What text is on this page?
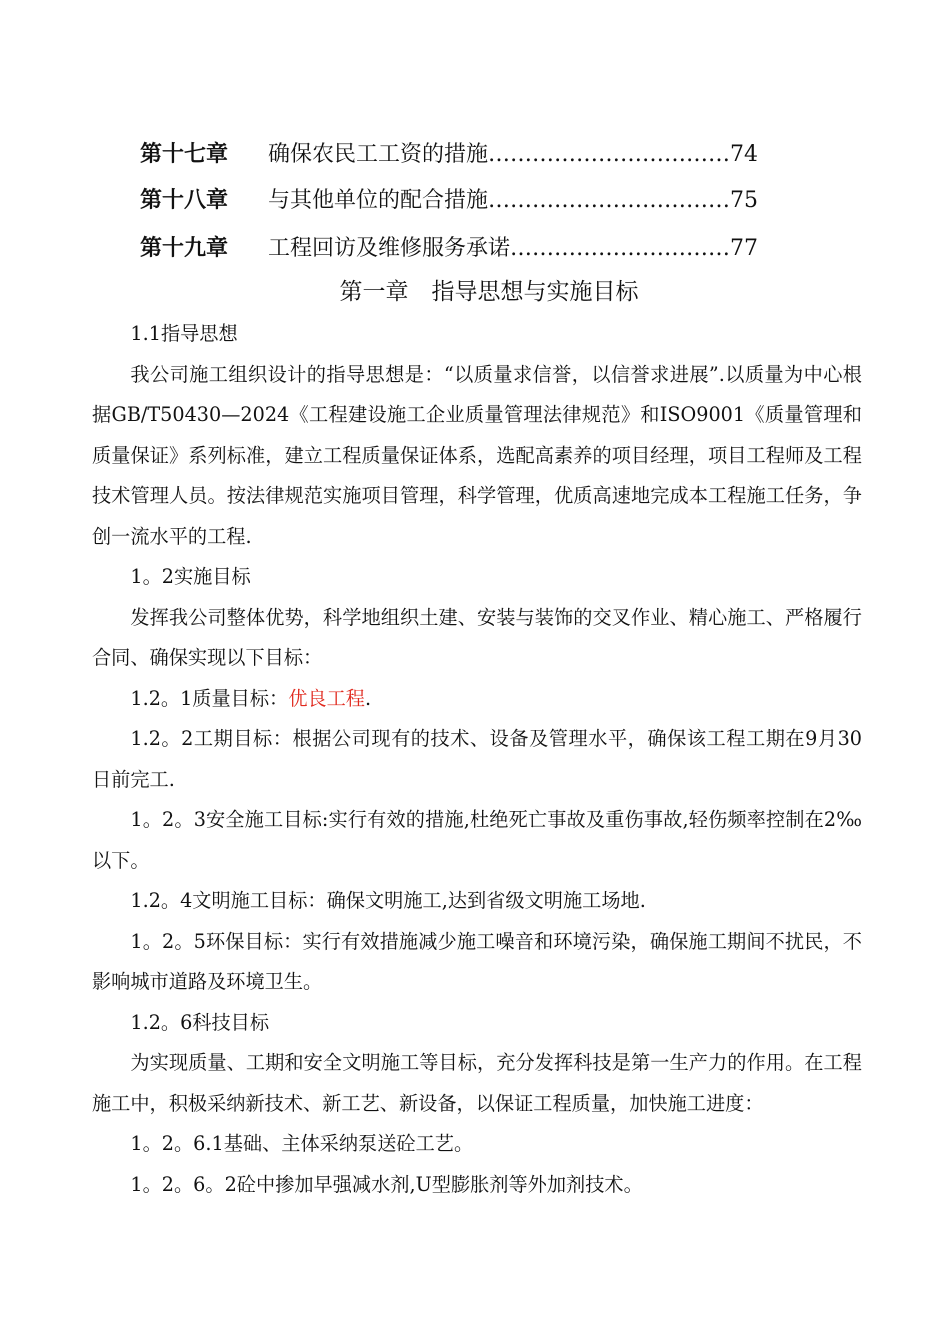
第十七章 确保农民工工资的措施……………………………74
第十八章 与其他单位的配合措施……………………………75
第十九章 工程回访及维修服务承诺…………………………77
第一章　指导思想与实施目标

1.1指导思想

我公司施工组织设计的指导思想是：“以质量求信誉，以信誉求进展”.以质量为中心根据GB/T50430—2024《工程建设施工企业质量管理法律规范》和ISO9001《质量管理和质量保证》系列标准，建立工程质量保证体系，选配高素养的项目经理，项目工程师及工程技术管理人员。按法律规范实施项目管理，科学管理，优质高速地完成本工程施工任务，争创一流水平的工程.

1。2实施目标

发挥我公司整体优势，科学地组织土建、安装与装饰的交叉作业、精心施工、严格履行合同、确保实现以下目标：

1.2。1质量目标：优良工程.

1.2。2工期目标：根据公司现有的技术、设备及管理水平，确保该工程工期在9月30日前完工.

1。2。3安全施工目标:实行有效的措施,杜绝死亡事故及重伤事故,轻伤频率控制在2‰以下。

1.2。4文明施工目标：确保文明施工,达到省级文明施工场地.

1。2。5环保目标：实行有效措施减少施工噪音和环境污染，确保施工期间不扰民，不影响城市道路及环境卫生。

1.2。6科技目标

为实现质量、工期和安全文明施工等目标，充分发挥科技是第一生产力的作用。在工程施工中，积极采纳新技术、新工艺、新设备，以保证工程质量，加快施工进度：

1。2。6.1基础、主体采纳泵送砼工艺。

1。2。6。2砼中掺加早强减水剂,U型膨胀剂等外加剂技术。
